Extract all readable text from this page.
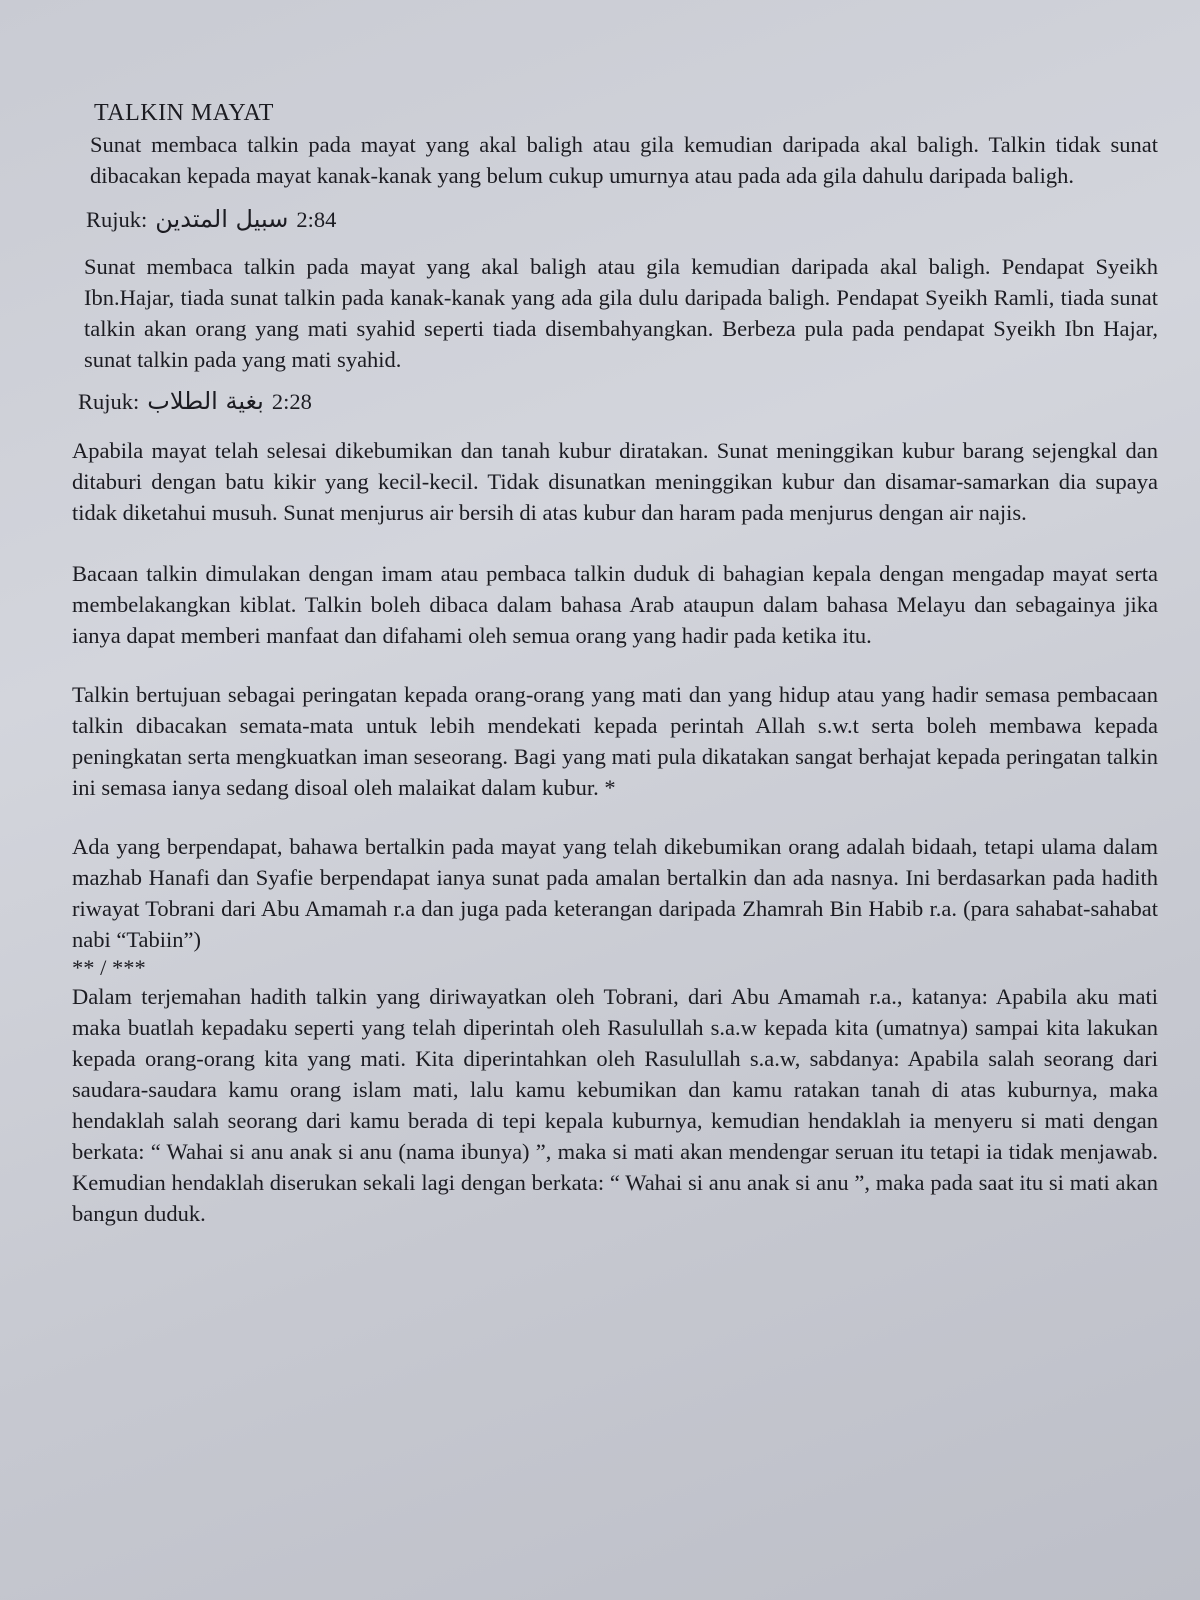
TALKIN MAYAT

Sunat membaca talkin pada mayat yang akal baligh atau gila kemudian daripada akal baligh. Talkin tidak sunat dibacakan kepada mayat kanak-kanak yang belum cukup umurnya atau pada ada gila dahulu daripada baligh.

Rujuk: سبيل المتدين 2:84

Sunat membaca talkin pada mayat yang akal baligh atau gila kemudian daripada akal baligh. Pendapat Syeikh Ibn.Hajar, tiada sunat talkin pada kanak-kanak yang ada gila dulu daripada baligh. Pendapat Syeikh Ramli, tiada sunat talkin akan orang yang mati syahid seperti tiada disembahyangkan. Berbeza pula pada pendapat Syeikh Ibn Hajar, sunat talkin pada yang mati syahid.

Rujuk: بغية الطلاب 2:28

Apabila mayat telah selesai dikebumikan dan tanah kubur diratakan. Sunat meninggikan kubur barang sejengkal dan ditaburi dengan batu kikir yang kecil-kecil. Tidak disunatkan meninggikan kubur dan disamar-samarkan dia supaya tidak diketahui musuh. Sunat menjurus air bersih di atas kubur dan haram pada menjurus dengan air najis.

Bacaan talkin dimulakan dengan imam atau pembaca talkin duduk di bahagian kepala dengan mengadap mayat serta membelakangkan kiblat. Talkin boleh dibaca dalam bahasa Arab ataupun dalam bahasa Melayu dan sebagainya jika ianya dapat memberi manfaat dan difahami oleh semua orang yang hadir pada ketika itu.

Talkin bertujuan sebagai peringatan kepada orang-orang yang mati dan yang hidup atau yang hadir semasa pembacaan talkin dibacakan semata-mata untuk lebih mendekati kepada perintah Allah s.w.t serta boleh membawa kepada peningkatan serta mengkuatkan iman seseorang. Bagi yang mati pula dikatakan sangat berhajat kepada peringatan talkin ini semasa ianya sedang disoal oleh malaikat dalam kubur. *

Ada yang berpendapat, bahawa bertalkin pada mayat yang telah dikebumikan orang adalah bidaah, tetapi ulama dalam mazhab Hanafi dan Syafie berpendapat ianya sunat pada amalan bertalkin dan ada nasnya. Ini berdasarkan pada hadith riwayat Tobrani dari Abu Amamah r.a dan juga pada keterangan daripada Zhamrah Bin Habib r.a. (para sahabat-sahabat nabi “Tabiin”)

** / ***

Dalam terjemahan hadith talkin yang diriwayatkan oleh Tobrani, dari Abu Amamah r.a., katanya: Apabila aku mati maka buatlah kepadaku seperti yang telah diperintah oleh Rasulullah s.a.w kepada kita (umatnya) sampai kita lakukan kepada orang-orang kita yang mati. Kita diperintahkan oleh Rasulullah s.a.w, sabdanya: Apabila salah seorang dari saudara-saudara kamu orang islam mati, lalu kamu kebumikan dan kamu ratakan tanah di atas kuburnya, maka hendaklah salah seorang dari kamu berada di tepi kepala kuburnya, kemudian hendaklah ia menyeru si mati dengan berkata: “ Wahai si anu anak si anu (nama ibunya) ”, maka si mati akan mendengar seruan itu tetapi ia tidak menjawab. Kemudian hendaklah diserukan sekali lagi dengan berkata: “ Wahai si anu anak si anu ”, maka pada saat itu si mati akan bangun duduk.
